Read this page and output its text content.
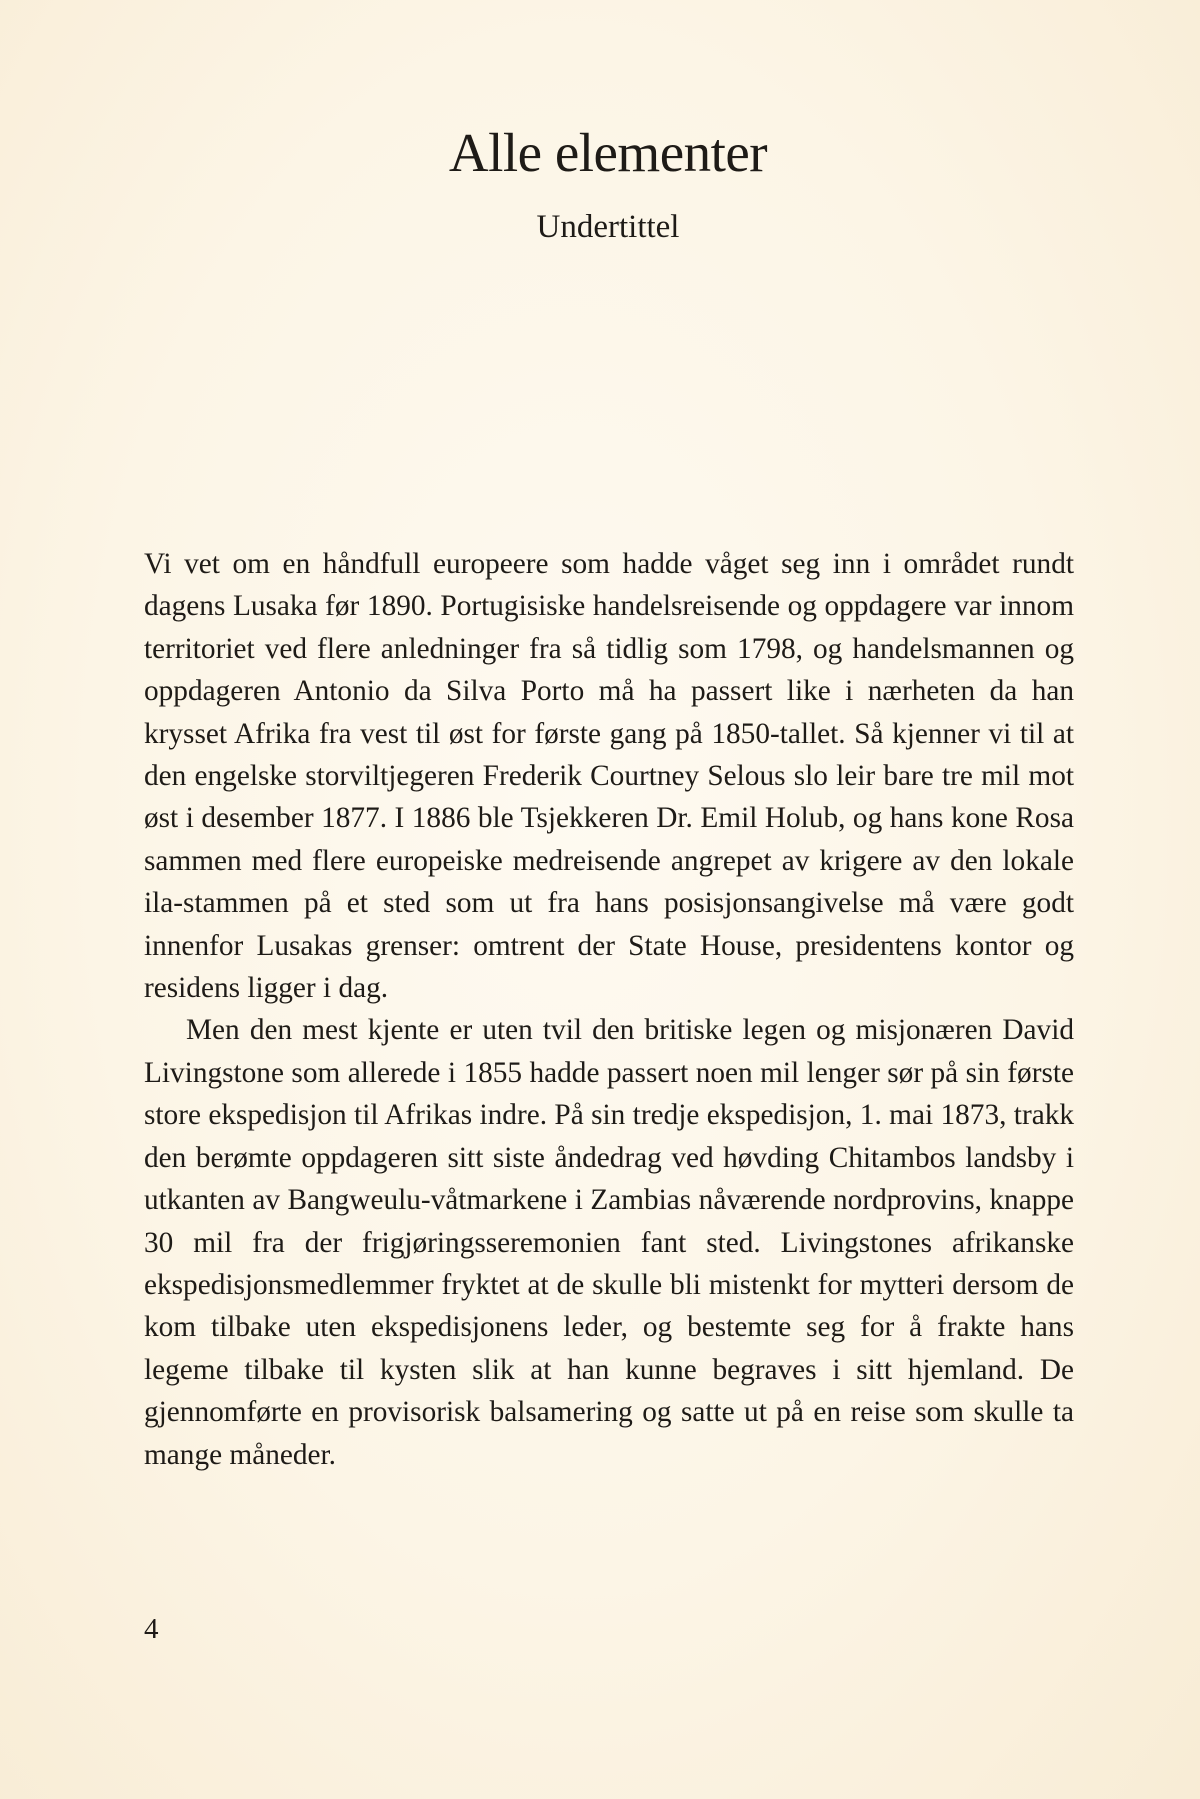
Alle elementer
Undertittel

Vi vet om en håndfull europeere som hadde våget seg inn i området rundt dagens Lusaka før 1890. Portugisiske handelsreisende og oppdagere var innom territoriet ved flere anledninger fra så tidlig som 1798, og handelsmannen og oppdageren Antonio da Silva Porto må ha passert like i nærheten da han krysset Afrika fra vest til øst for første gang på 1850-tallet. Så kjenner vi til at den engelske storviltjegeren Frederik Courtney Selous slo leir bare tre mil mot øst i desember 1877. I 1886 ble Tsjekkeren Dr. Emil Holub, og hans kone Rosa sammen med flere europeiske medreisende angrepet av krigere av den lokale ila-stammen på et sted som ut fra hans posisjonsangivelse må være godt innenfor Lusakas grenser: omtrent der State House, presidentens kontor og residens ligger i dag.

Men den mest kjente er uten tvil den britiske legen og misjonæren David Livingstone som allerede i 1855 hadde passert noen mil lenger sør på sin første store ekspedisjon til Afrikas indre. På sin tredje ekspedisjon, 1. mai 1873, trakk den berømte oppdageren sitt siste åndedrag ved høvding Chitambos landsby i utkanten av Bangweulu-våtmarkene i Zambias nåværende nordprovins, knappe 30 mil fra der frigjøringsseremonien fant sted. Livingstones afrikanske ekspedisjonsmedlemmer fryktet at de skulle bli mistenkt for mytteri dersom de kom tilbake uten ekspedisjonens leder, og bestemte seg for å frakte hans legeme tilbake til kysten slik at han kunne begraves i sitt hjemland. De gjennomførte en provisorisk balsamering og satte ut på en reise som skulle ta mange måneder.

4
